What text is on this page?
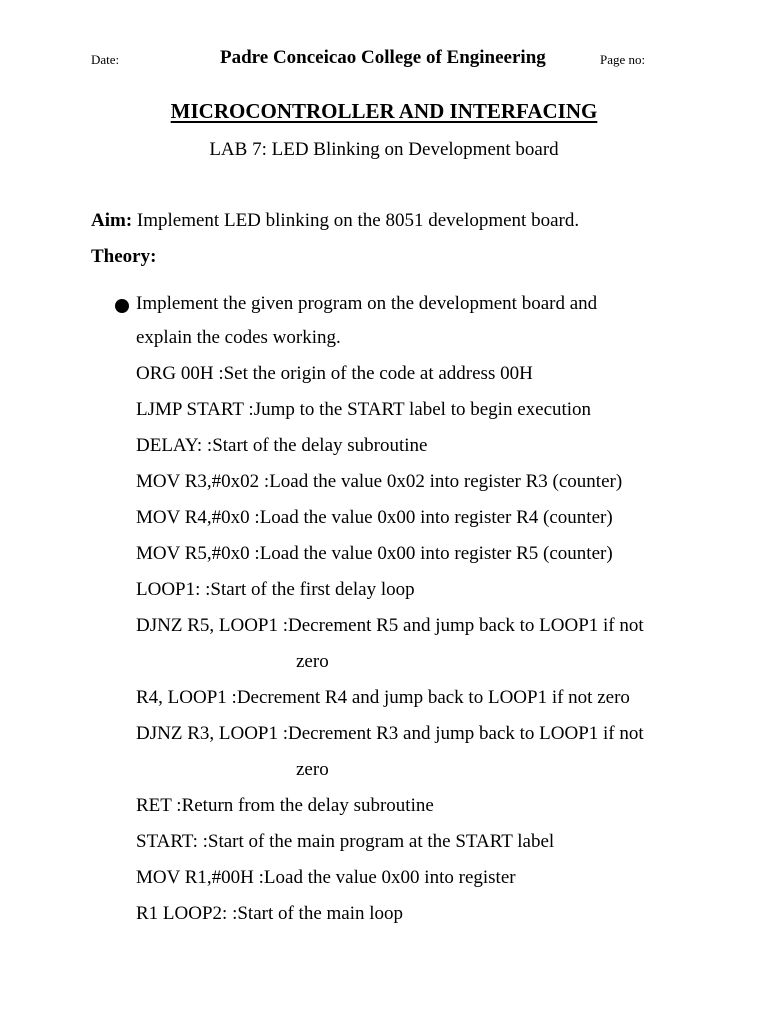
Date:	Padre Conceicao College of Engineering	Page no:
MICROCONTROLLER AND INTERFACING
LAB 7: LED Blinking on Development board
Aim: Implement LED blinking on the 8051 development board.
Theory:
Implement the given program on the development board and
explain the codes working.
ORG 00H :Set the origin of the code at address 00H
LJMP START :Jump to the START label to begin execution
DELAY: :Start of the delay subroutine
MOV R3,#0x02 :Load the value 0x02 into register R3 (counter)
MOV R4,#0x0 :Load the value 0x00 into register R4 (counter)
MOV R5,#0x0 :Load the value 0x00 into register R5 (counter)
LOOP1: :Start of the first delay loop
DJNZ R5, LOOP1 :Decrement R5 and jump back to LOOP1 if not
zero
R4, LOOP1 :Decrement R4 and jump back to LOOP1 if not zero
DJNZ R3, LOOP1 :Decrement R3 and jump back to LOOP1 if not
zero
RET :Return from the delay subroutine
START: :Start of the main program at the START label
MOV R1,#00H :Load the value 0x00 into register
R1 LOOP2: :Start of the main loop
